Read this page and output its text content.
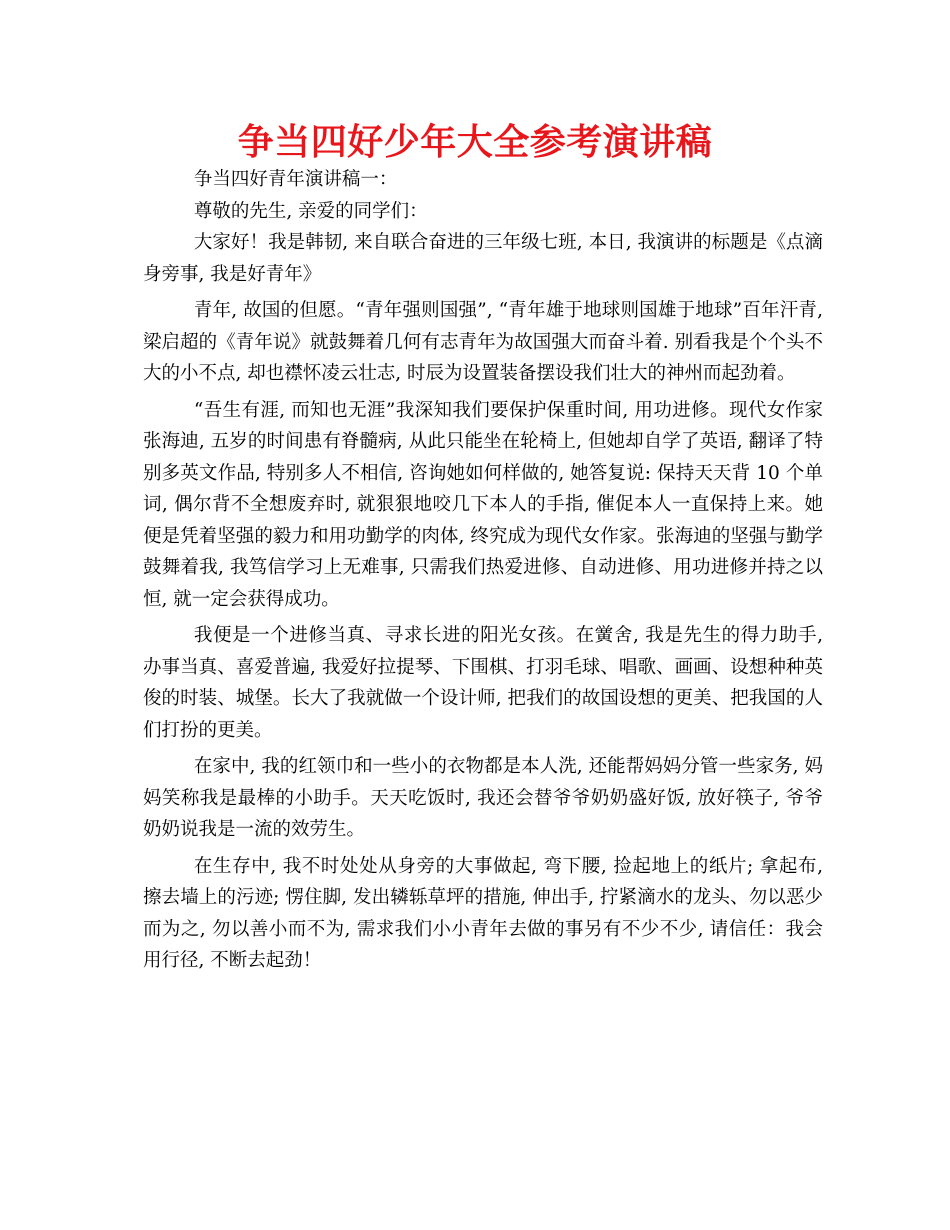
争当四好少年大全参考演讲稿

争当四好青年演讲稿一：

尊敬的先生, 亲爱的同学们：

大家好！我是韩韧, 来自联合奋进的三年级七班, 本日, 我演讲的标题是《点滴身旁事, 我是好青年》

青年, 故国的但愿。“青年强则国强”, “青年雄于地球则国雄于地球”百年汗青, 梁启超的《青年说》就鼓舞着几何有志青年为故国强大而奋斗着. 别看我是个个头不大的小不点, 却也襟怀凌云壮志, 时辰为设置装备摆设我们壮大的神州而起劲着。

“吾生有涯, 而知也无涯”我深知我们要保护保重时间, 用功进修。现代女作家张海迪, 五岁的时间患有脊髓病, 从此只能坐在轮椅上, 但她却自学了英语, 翻译了特别多英文作品, 特别多人不相信, 咨询她如何样做的, 她答复说: 保持天天背 10 个单词, 偶尔背不全想废弃时, 就狠狠地咬几下本人的手指, 催促本人一直保持上来。她便是凭着坚强的毅力和用功勤学的肉体, 终究成为现代女作家。张海迪的坚强与勤学鼓舞着我, 我笃信学习上无难事, 只需我们热爱进修、自动进修、用功进修并持之以恒, 就一定会获得成功。

我便是一个进修当真、寻求长进的阳光女孩。在黉舍, 我是先生的得力助手, 办事当真、喜爱普遍, 我爱好拉提琴、下围棋、打羽毛球、唱歌、画画、设想种种英俊的时装、城堡。长大了我就做一个设计师, 把我们的故国设想的更美、把我国的人们打扮的更美。

在家中, 我的红领巾和一些小的衣物都是本人洗, 还能帮妈妈分管一些家务, 妈妈笑称我是最棒的小助手。天天吃饭时, 我还会替爷爷奶奶盛好饭, 放好筷子, 爷爷奶奶说我是一流的效劳生。

在生存中, 我不时处处从身旁的大事做起, 弯下腰, 捡起地上的纸片; 拿起布, 擦去墙上的污迹; 愣住脚, 发出辚轹草坪的措施, 伸出手, 拧紧滴水的龙头、勿以恶少而为之, 勿以善小而不为, 需求我们小小青年去做的事另有不少不少, 请信任：我会用行径, 不断去起劲！
